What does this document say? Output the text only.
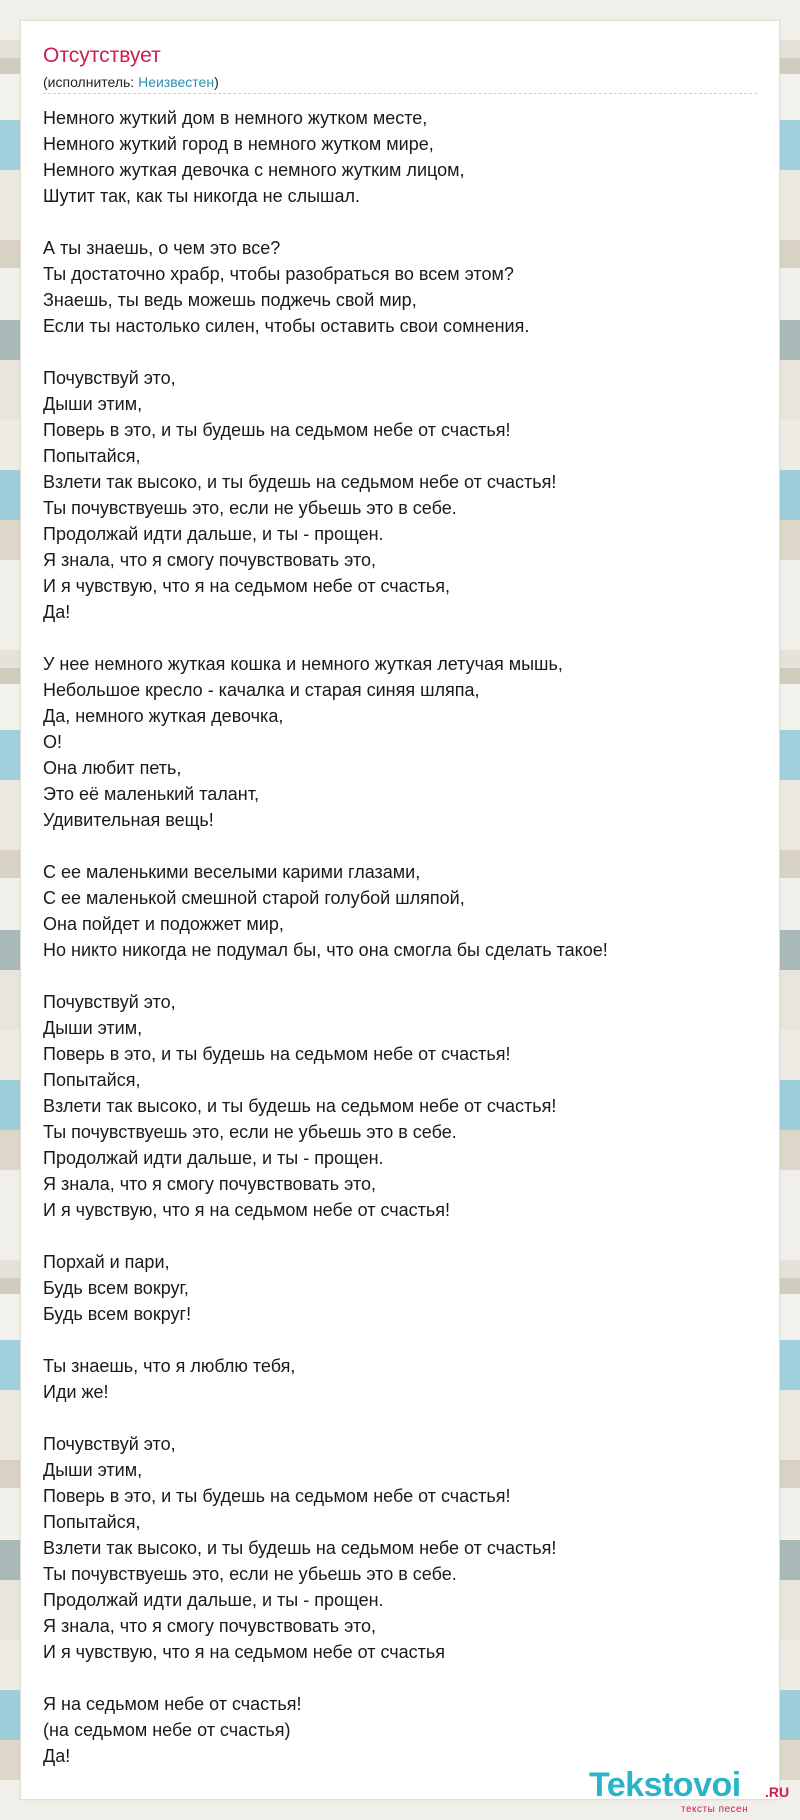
Отсутствует
(исполнитель: Неизвестен)
Немного жуткий дом в немного жутком месте,
Немного жуткий город в немного жутком мире,
Немного жуткая девочка с немного жутким лицом,
Шутит так, как ты никогда не слышал.
А ты знаешь, о чем это все?
Ты достаточно храбр, чтобы разобраться во всем этом?
Знаешь, ты ведь можешь поджечь свой мир,
Если ты настолько силен, чтобы оставить свои сомнения.
Почувствуй это,
Дыши этим,
Поверь в это, и ты будешь на седьмом небе от счастья!
Попытайся,
Взлети так высоко, и ты будешь на седьмом небе от счастья!
Ты почувствуешь это, если не убьешь это в себе.
Продолжай идти дальше, и ты - прощен.
Я знала, что я смогу почувствовать это,
И я чувствую, что я на седьмом небе от счастья,
Да!
У нее немного жуткая кошка и немного жуткая летучая мышь,
Небольшое кресло - качалка и старая синяя шляпа,
Да, немного жуткая девочка,
О!
Она любит петь,
Это её маленький талант,
Удивительная вещь!
С ее маленькими веселыми карими глазами,
С ее маленькой смешной старой голубой шляпой,
Она пойдет и подожжет мир,
Но никто никогда не подумал бы, что она смогла бы сделать такое!
Почувствуй это,
Дыши этим,
Поверь в это, и ты будешь на седьмом небе от счастья!
Попытайся,
Взлети так высоко, и ты будешь на седьмом небе от счастья!
Ты почувствуешь это, если не убьешь это в себе.
Продолжай идти дальше, и ты - прощен.
Я знала, что я смогу почувствовать это,
И я чувствую, что я на седьмом небе от счастья!
Порхай и пари,
Будь всем вокруг,
Будь всем вокруг!
Ты знаешь, что я люблю тебя,
Иди же!
Почувствуй это,
Дыши этим,
Поверь в это, и ты будешь на седьмом небе от счастья!
Попытайся,
Взлети так высоко, и ты будешь на седьмом небе от счастья!
Ты почувствуешь это, если не убьешь это в себе.
Продолжай идти дальше, и ты - прощен.
Я знала, что я смогу почувствовать это,
И я чувствую, что я на седьмом небе от счастья
Я на седьмом небе от счастья!
(на седьмом небе от счастья)
Да!
Tekstovoi .RU
тексты песен
